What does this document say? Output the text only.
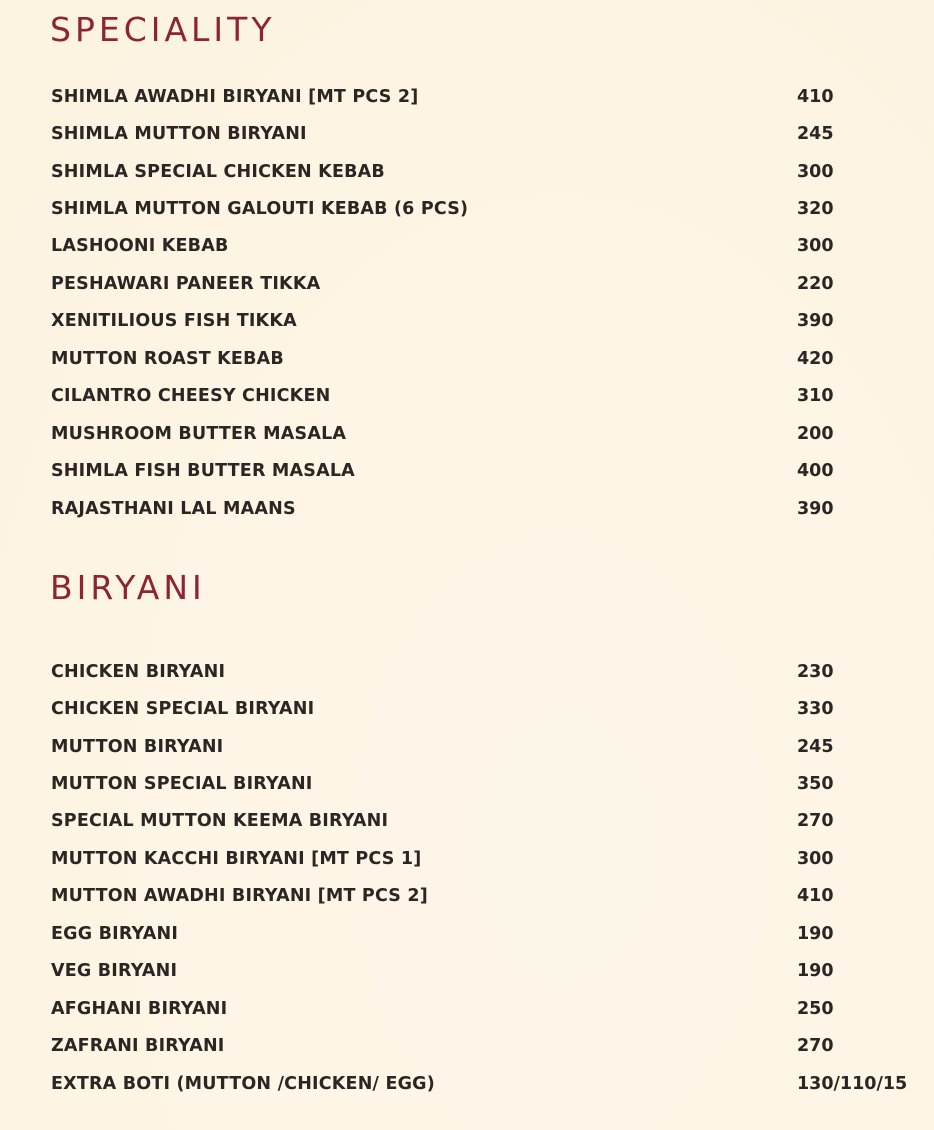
SPECIALITY
SHIMLA AWADHI BIRYANI [MT PCS 2]	410
SHIMLA MUTTON BIRYANI	245
SHIMLA SPECIAL CHICKEN KEBAB	300
SHIMLA MUTTON GALOUTI KEBAB (6 PCS)	320
LASHOONI KEBAB	300
PESHAWARI PANEER TIKKA	220
XENITILIOUS FISH TIKKA	390
MUTTON ROAST KEBAB	420
CILANTRO CHEESY CHICKEN	310
MUSHROOM BUTTER MASALA	200
SHIMLA FISH BUTTER MASALA	400
RAJASTHANI LAL MAANS	390
BIRYANI
CHICKEN BIRYANI	230
CHICKEN SPECIAL BIRYANI	330
MUTTON BIRYANI	245
MUTTON SPECIAL BIRYANI	350
SPECIAL MUTTON KEEMA BIRYANI	270
MUTTON KACCHI BIRYANI [MT PCS 1]	300
MUTTON AWADHI BIRYANI [MT PCS 2]	410
EGG BIRYANI	190
VEG BIRYANI	190
AFGHANI BIRYANI	250
ZAFRANI BIRYANI	270
EXTRA BOTI (MUTTON /CHICKEN/ EGG)	130/110/15
